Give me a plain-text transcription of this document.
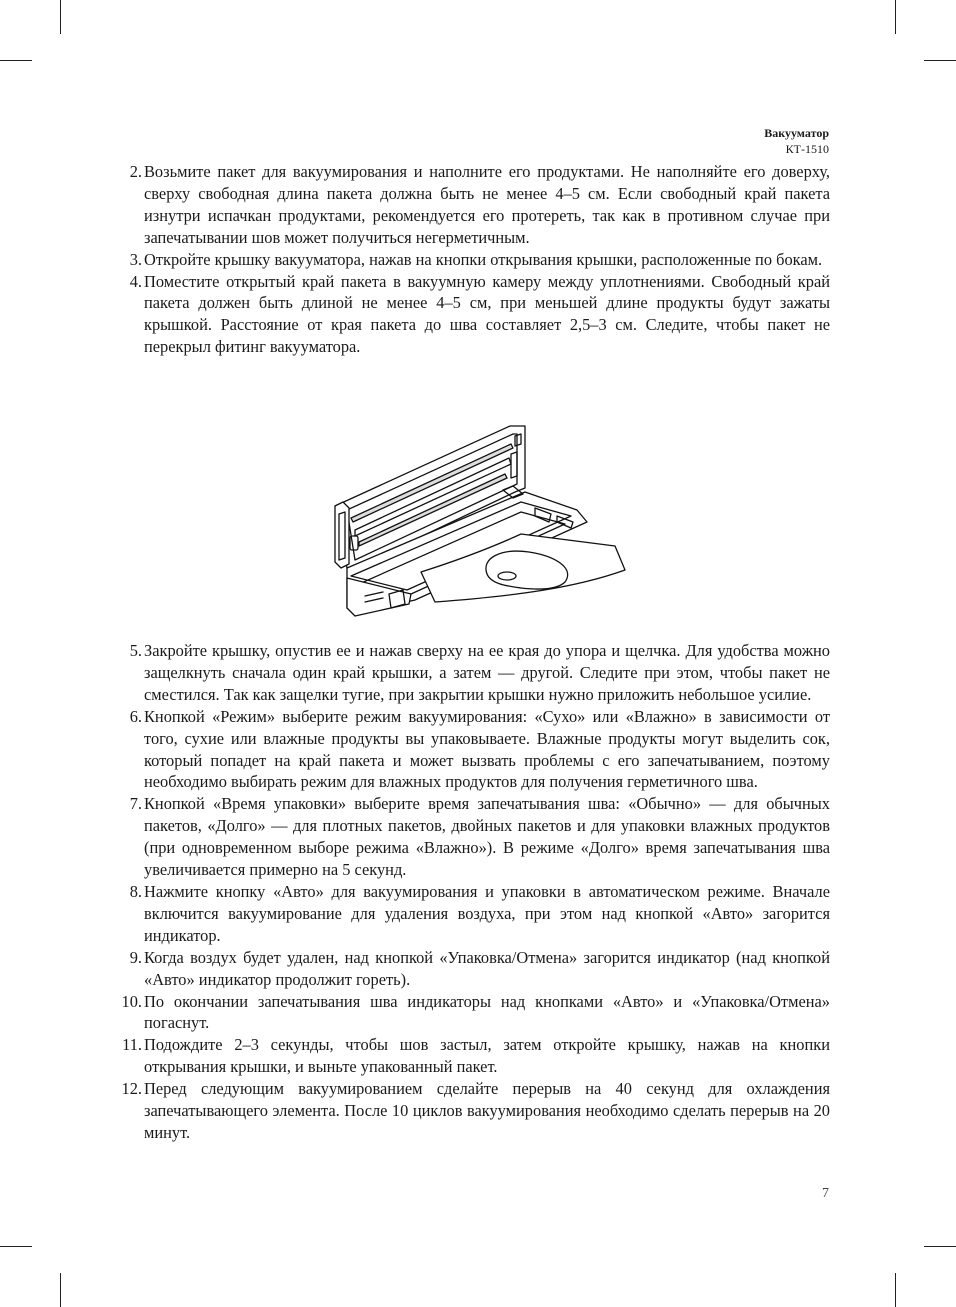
Вакууматор
КТ-1510
2. Возьмите пакет для вакуумирования и наполните его продуктами. Не наполняйте его доверху, сверху свободная длина пакета должна быть не менее 4–5 см. Если свободный край пакета изнутри испачкан продуктами, рекомендуется его протереть, так как в противном случае при запечатывании шов может получиться негерметичным.
3. Откройте крышку вакууматора, нажав на кнопки открывания крышки, расположенные по бокам.
4. Поместите открытый край пакета в вакуумную камеру между уплотнениями. Свободный край пакета должен быть длиной не менее 4–5 см, при меньшей длине продукты будут зажаты крышкой. Расстояние от края пакета до шва составляет 2,5–3 см. Следите, чтобы пакет не перекрыл фитинг вакууматора.
5. Закройте крышку, опустив ее и нажав сверху на ее края до упора и щелчка. Для удобства можно защелкнуть сначала один край крышки, а затем — другой. Следите при этом, чтобы пакет не сместился. Так как защелки тугие, при закрытии крышки нужно приложить небольшое усилие.
6. Кнопкой «Режим» выберите режим вакуумирования: «Сухо» или «Влажно» в зависимости от того, сухие или влажные продукты вы упаковываете. Влажные продукты могут выделить сок, который попадет на край пакета и может вызвать проблемы с его запечатыванием, поэтому необходимо выбирать режим для влажных продуктов для получения герметичного шва.
7. Кнопкой «Время упаковки» выберите время запечатывания шва: «Обычно» — для обычных пакетов, «Долго» — для плотных пакетов, двойных пакетов и для упаковки влажных продуктов (при одновременном выборе режима «Влажно»). В режиме «Долго» время запечатывания шва увеличивается примерно на 5 секунд.
8. Нажмите кнопку «Авто» для вакуумирования и упаковки в автоматическом режиме. Вначале включится вакуумирование для удаления воздуха, при этом над кнопкой «Авто» загорится индикатор.
9. Когда воздух будет удален, над кнопкой «Упаковка/Отмена» загорится индикатор (над кнопкой «Авто» индикатор продолжит гореть).
10. По окончании запечатывания шва индикаторы над кнопками «Авто» и «Упаковка/Отмена» погаснут.
11. Подождите 2–3 секунды, чтобы шов застыл, затем откройте крышку, нажав на кнопки открывания крышки, и выньте упакованный пакет.
12. Перед следующим вакуумированием сделайте перерыв на 40 секунд для охлаждения запечатывающего элемента. После 10 циклов вакуумирования необходимо сделать перерыв на 20 минут.
7
